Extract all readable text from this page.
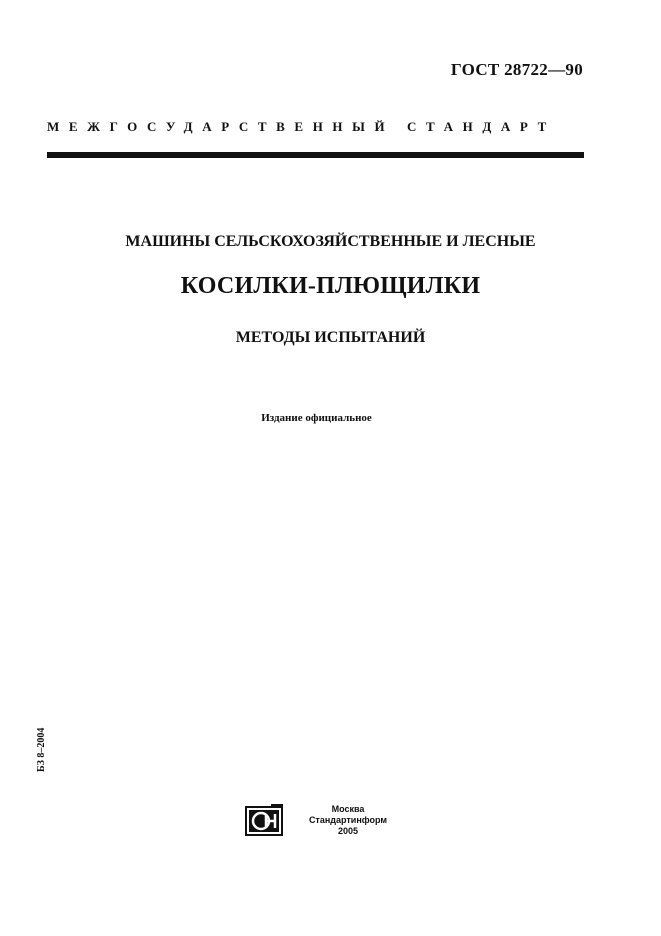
ГОСТ 28722—90
МЕЖГОСУДАРСТВЕННЫЙ СТАНДАРТ
МАШИНЫ СЕЛЬСКОХОЗЯЙСТВЕННЫЕ И ЛЕСНЫЕ
КОСИЛКИ-ПЛЮЩИЛКИ
МЕТОДЫ ИСПЫТАНИЙ
Издание официальное
БЗ 8–2004
Москва
Стандартинформ
2005
